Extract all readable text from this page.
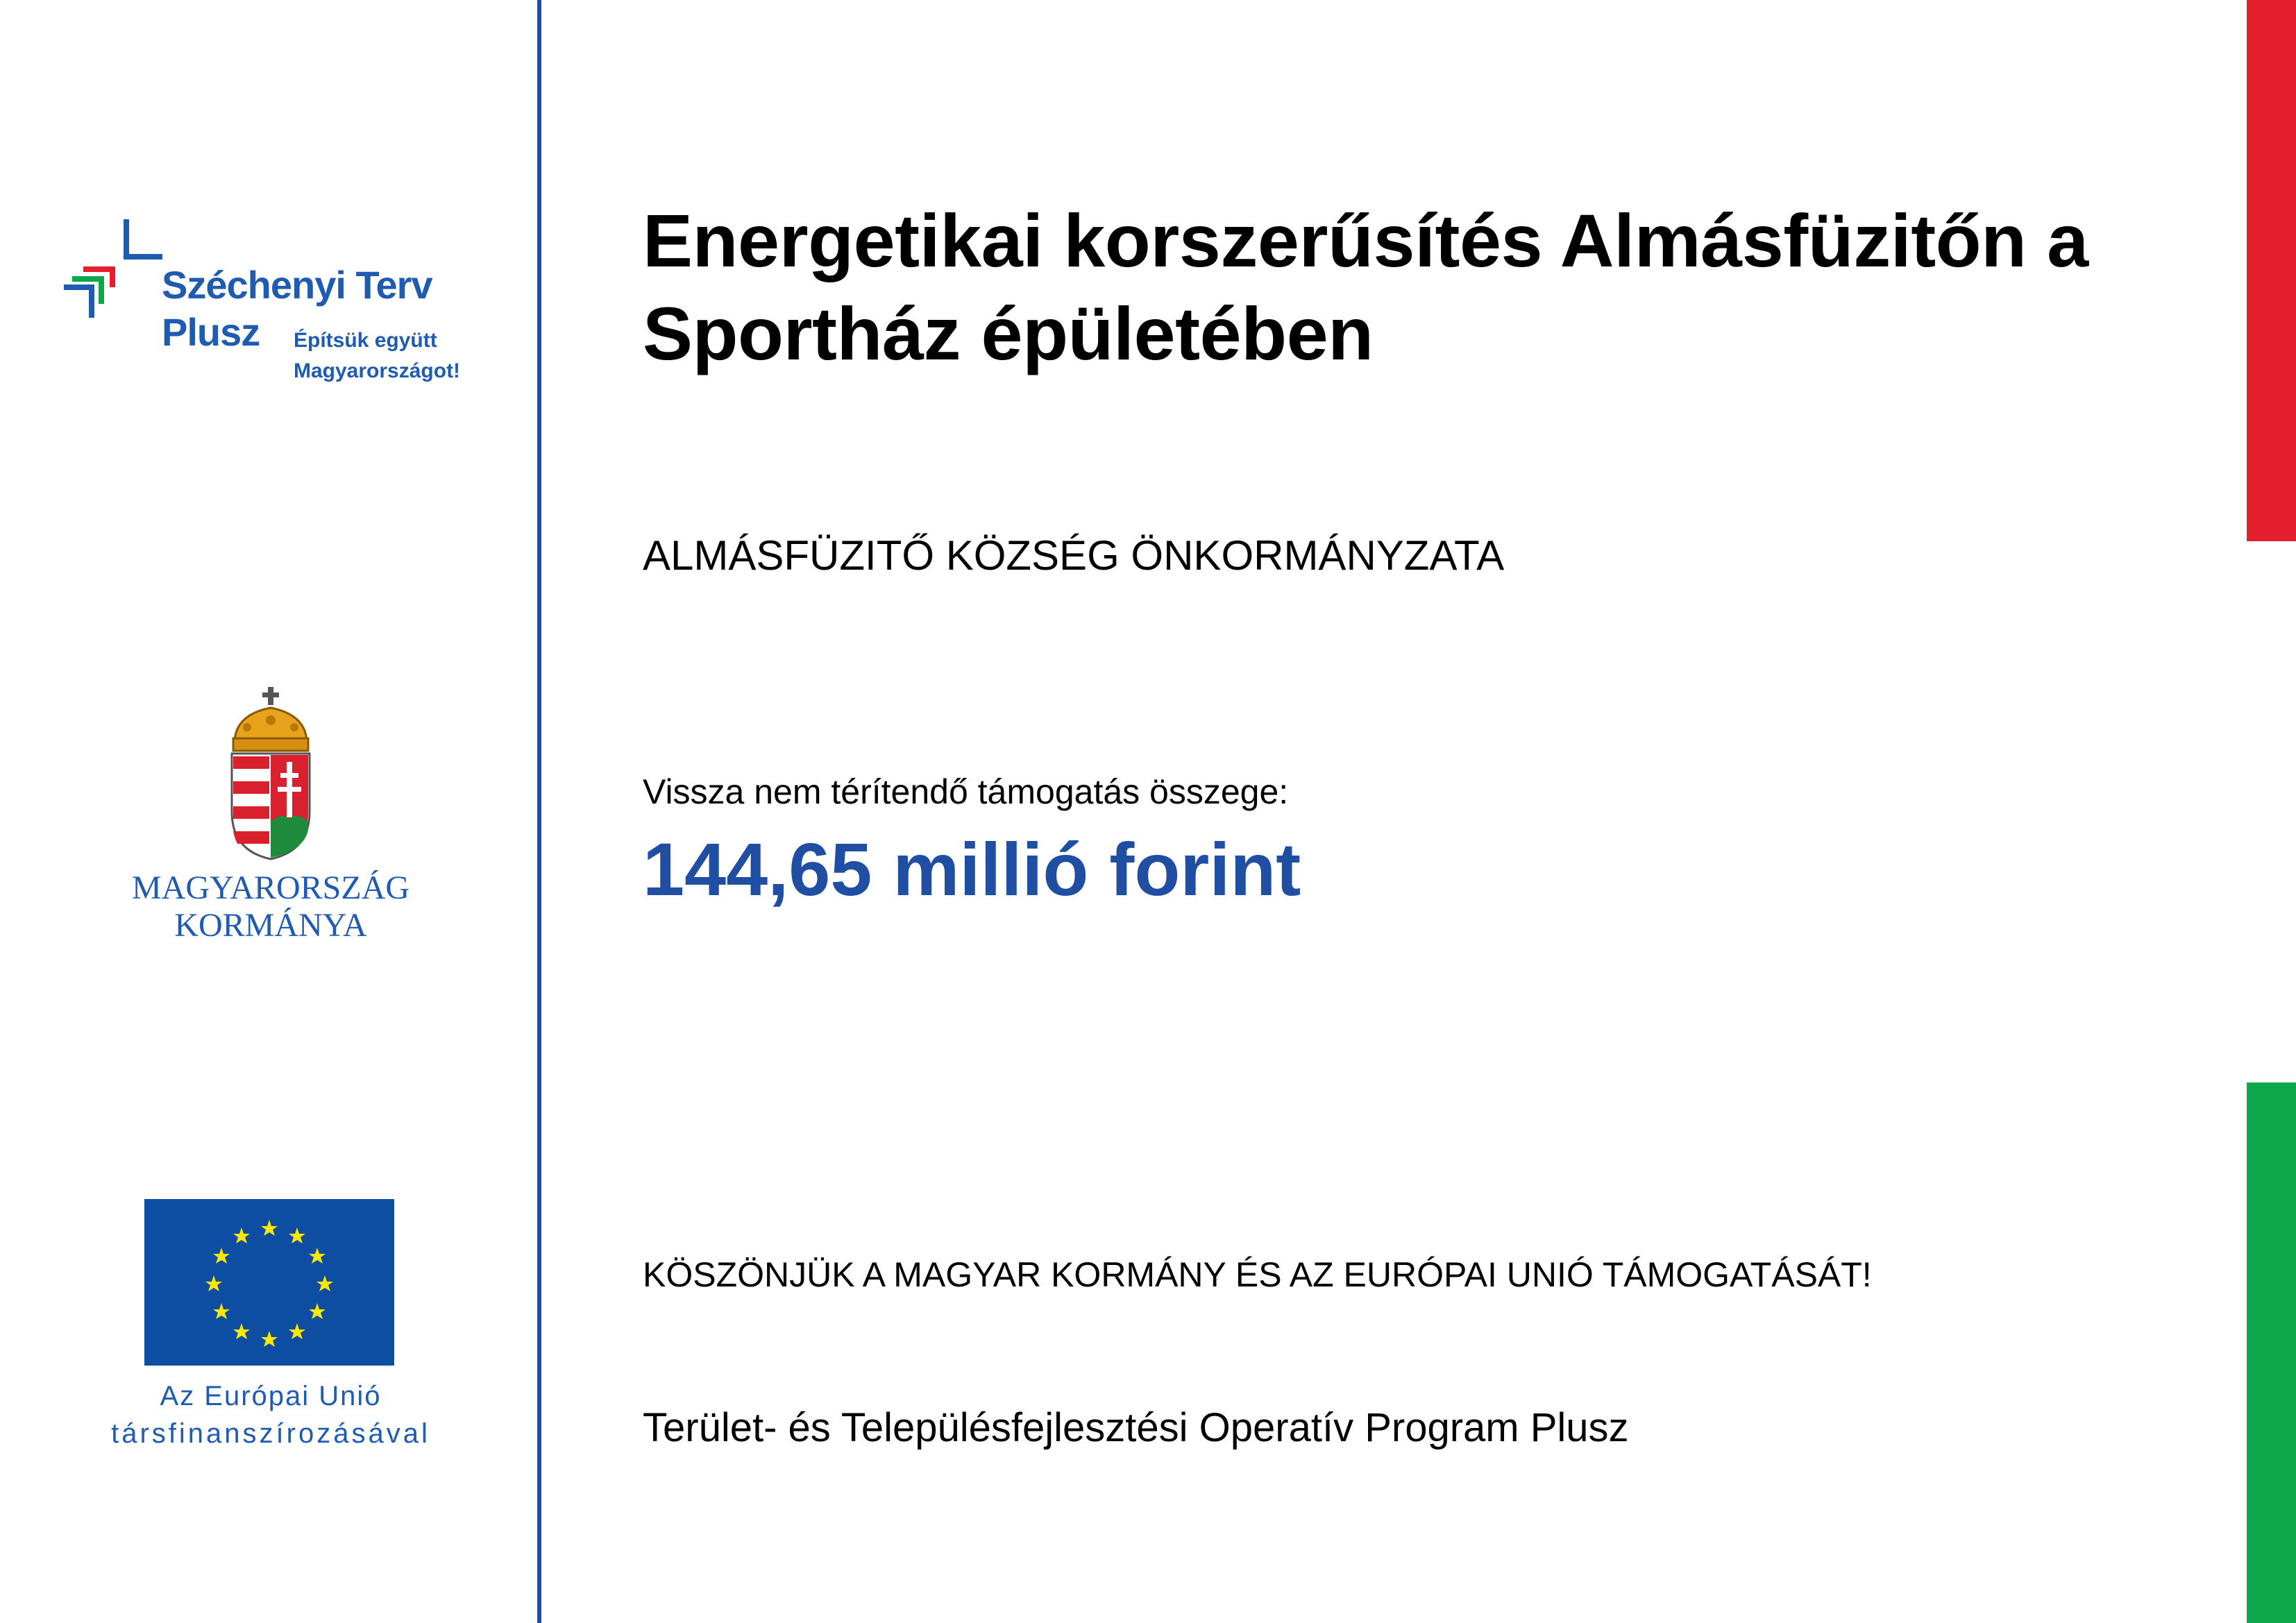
Széchenyi Terv
Plusz Építsük együtt
Magyarországot!
MAGYARORSZÁG
KORMÁNYA
Az Európai Unió
társfinanszírozásával
Energetikai korszerűsítés Almásfüzitőn a Sportház épületében
ALMÁSFÜZITŐ KÖZSÉG ÖNKORMÁNYZATA
Vissza nem térítendő támogatás összege:
144,65 millió forint
KÖSZÖNJÜK A MAGYAR KORMÁNY ÉS AZ EURÓPAI UNIÓ TÁMOGATÁSÁT!
Terület- és Településfejlesztési Operatív Program Plusz
